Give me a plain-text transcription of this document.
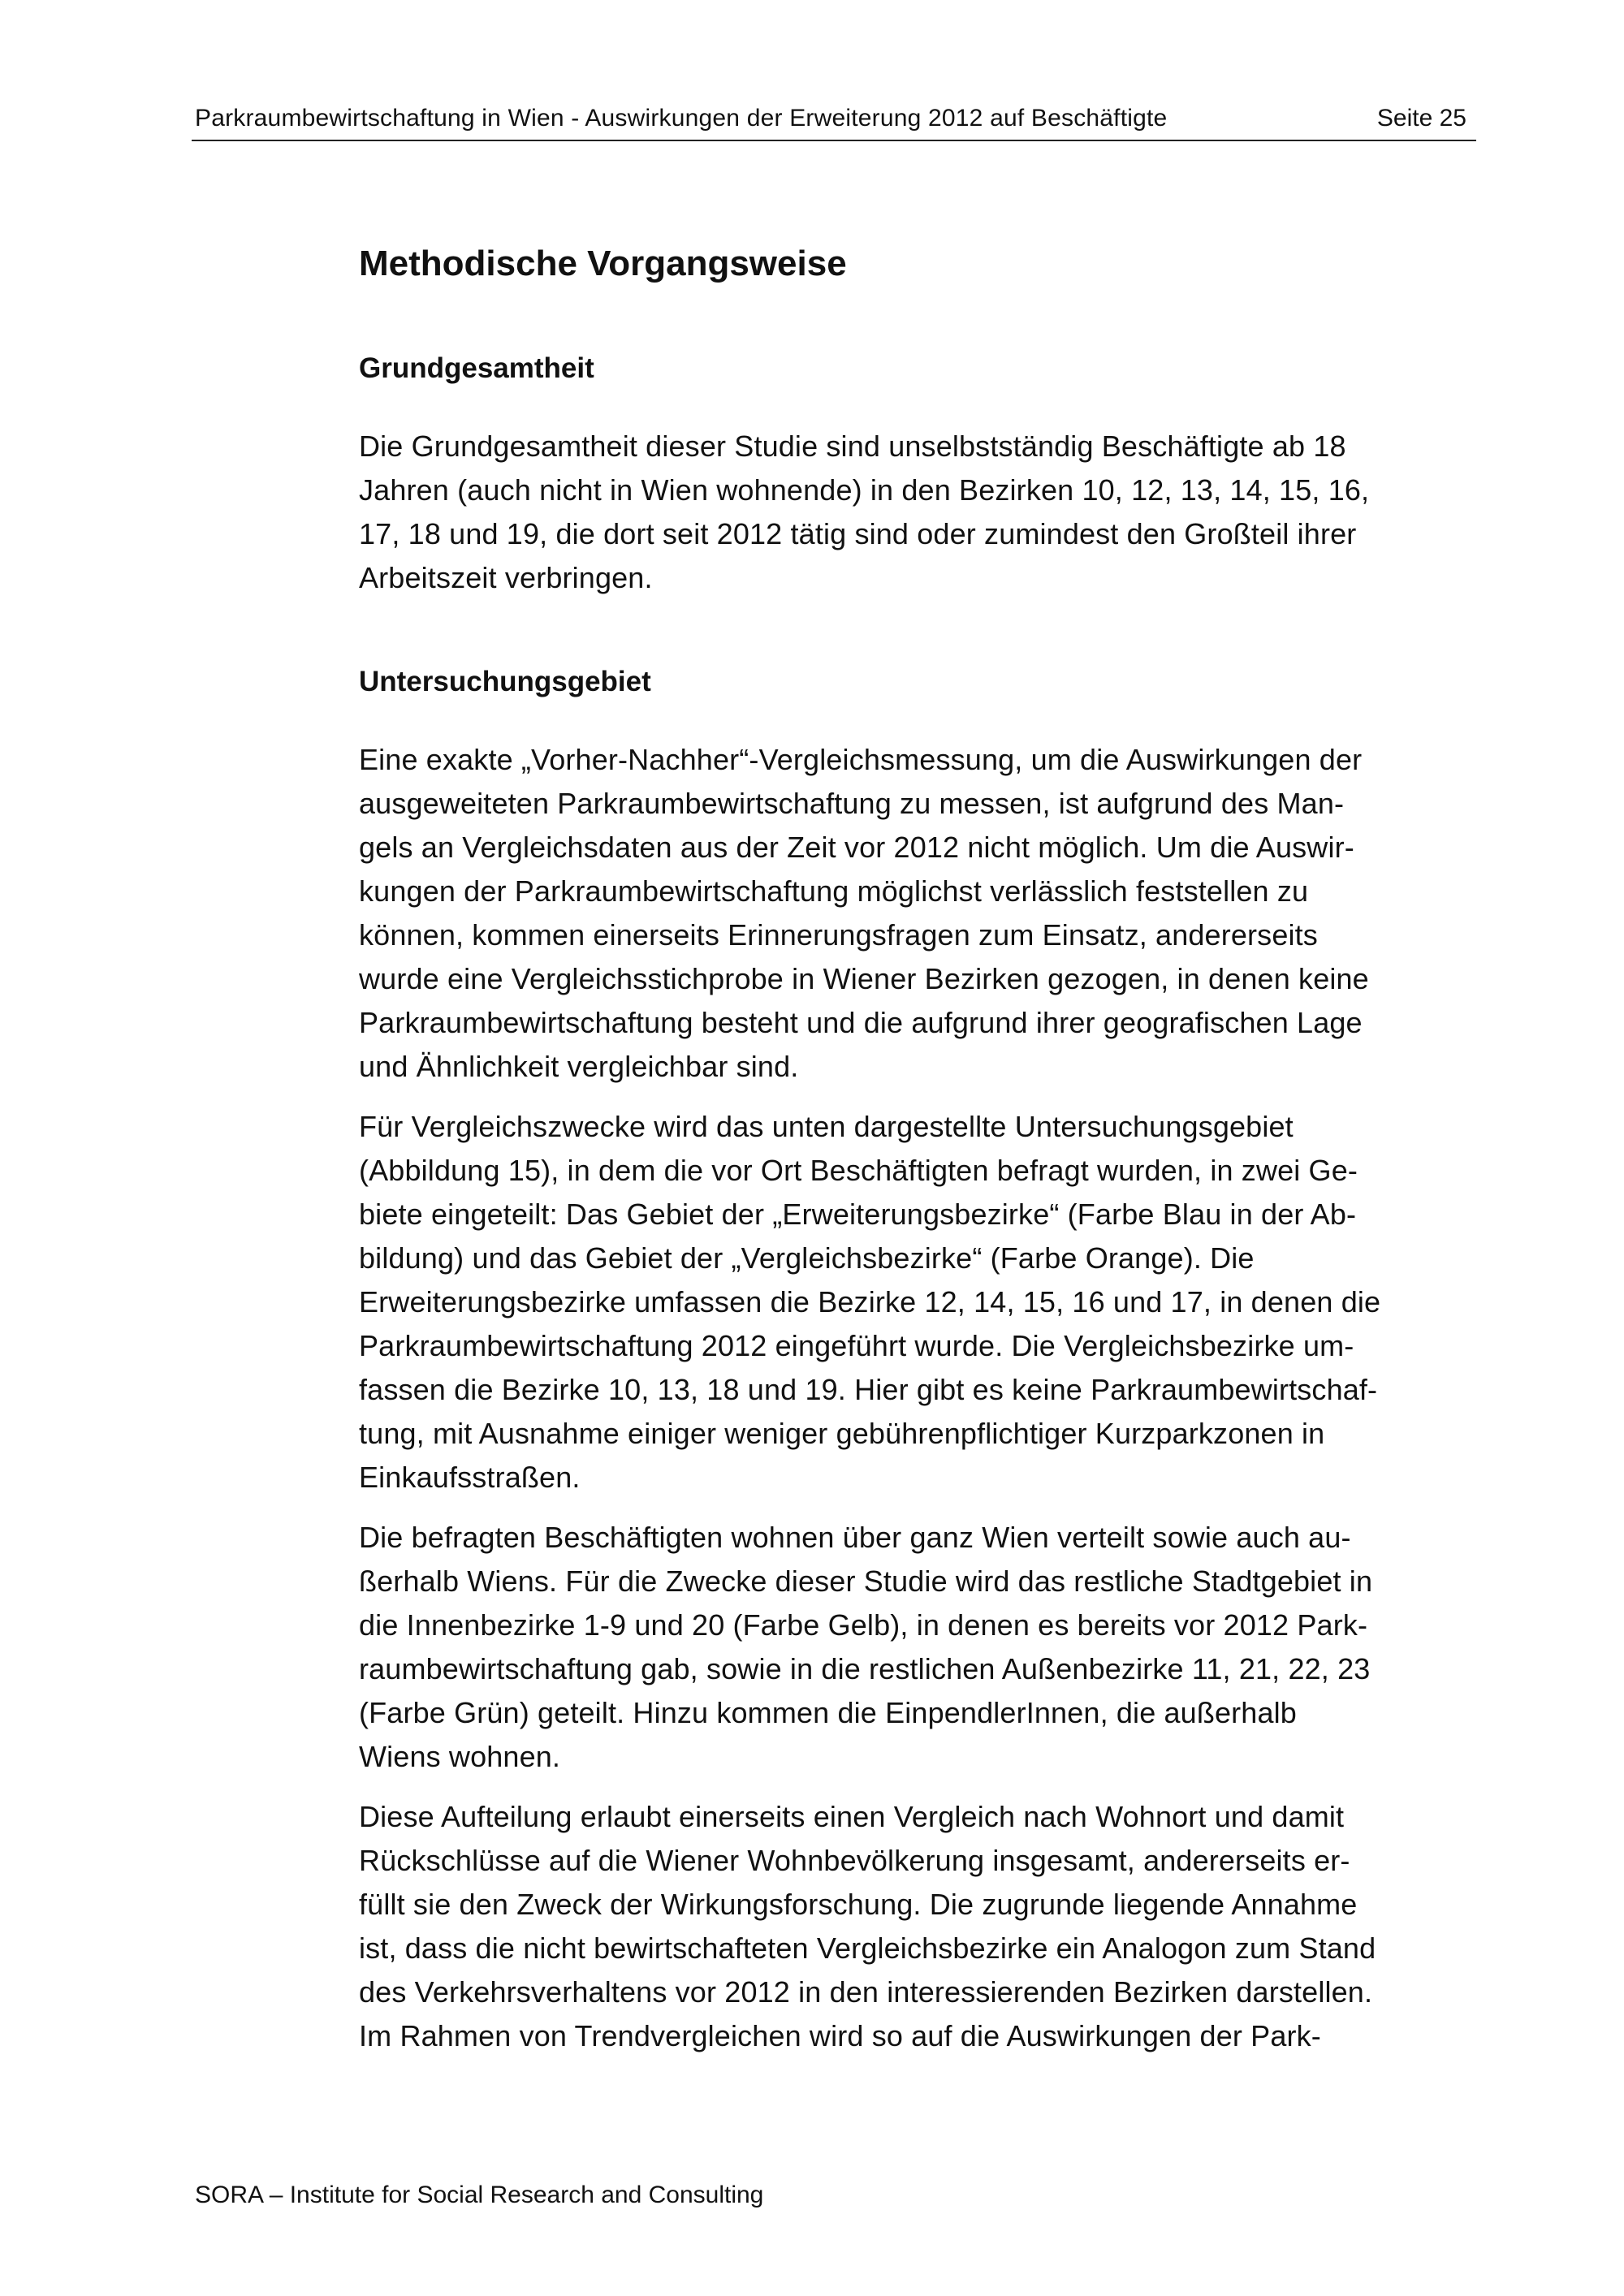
Parkraumbewirtschaftung in Wien - Auswirkungen der Erweiterung 2012 auf Beschäftigte	Seite 25
Methodische Vorgangsweise
Grundgesamtheit
Die Grundgesamtheit dieser Studie sind unselbstständig Beschäftigte ab 18
Jahren (auch nicht in Wien wohnende) in den Bezirken 10, 12, 13, 14, 15, 16,
17, 18 und 19, die dort seit 2012 tätig sind oder zumindest den Großteil ihrer
Arbeitszeit verbringen.
Untersuchungsgebiet
Eine exakte „Vorher-Nachher“-Vergleichsmessung, um die Auswirkungen der
ausgeweiteten Parkraumbewirtschaftung zu messen, ist aufgrund des Man-
gels an Vergleichsdaten aus der Zeit vor 2012 nicht möglich. Um die Auswir-
kungen der Parkraumbewirtschaftung möglichst verlässlich feststellen zu
können, kommen einerseits Erinnerungsfragen zum Einsatz, andererseits
wurde eine Vergleichsstichprobe in Wiener Bezirken gezogen, in denen keine
Parkraumbewirtschaftung besteht und die aufgrund ihrer geografischen Lage
und Ähnlichkeit vergleichbar sind.
Für Vergleichszwecke wird das unten dargestellte Untersuchungsgebiet
(Abbildung 15), in dem die vor Ort Beschäftigten befragt wurden, in zwei Ge-
biete eingeteilt: Das Gebiet der „Erweiterungsbezirke“ (Farbe Blau in der Ab-
bildung) und das Gebiet der „Vergleichsbezirke“ (Farbe Orange). Die
Erweiterungsbezirke umfassen die Bezirke 12, 14, 15, 16 und 17, in denen die
Parkraumbewirtschaftung 2012 eingeführt wurde. Die Vergleichsbezirke um-
fassen die Bezirke 10, 13, 18 und 19. Hier gibt es keine Parkraumbewirtschaf-
tung, mit Ausnahme einiger weniger gebührenpflichtiger Kurzparkzonen in
Einkaufsstraßen.
Die befragten Beschäftigten wohnen über ganz Wien verteilt sowie auch au-
ßerhalb Wiens. Für die Zwecke dieser Studie wird das restliche Stadtgebiet in
die Innenbezirke 1-9 und 20 (Farbe Gelb), in denen es bereits vor 2012 Park-
raumbewirtschaftung gab, sowie in die restlichen Außenbezirke 11, 21, 22, 23
(Farbe Grün) geteilt. Hinzu kommen die EinpendlerInnen, die außerhalb
Wiens wohnen.
Diese Aufteilung erlaubt einerseits einen Vergleich nach Wohnort und damit
Rückschlüsse auf die Wiener Wohnbevölkerung insgesamt, andererseits er-
füllt sie den Zweck der Wirkungsforschung. Die zugrunde liegende Annahme
ist, dass die nicht bewirtschafteten Vergleichsbezirke ein Analogon zum Stand
des Verkehrsverhaltens vor 2012 in den interessierenden Bezirken darstellen.
Im Rahmen von Trendvergleichen wird so auf die Auswirkungen der Park-
SORA – Institute for Social Research and Consulting
